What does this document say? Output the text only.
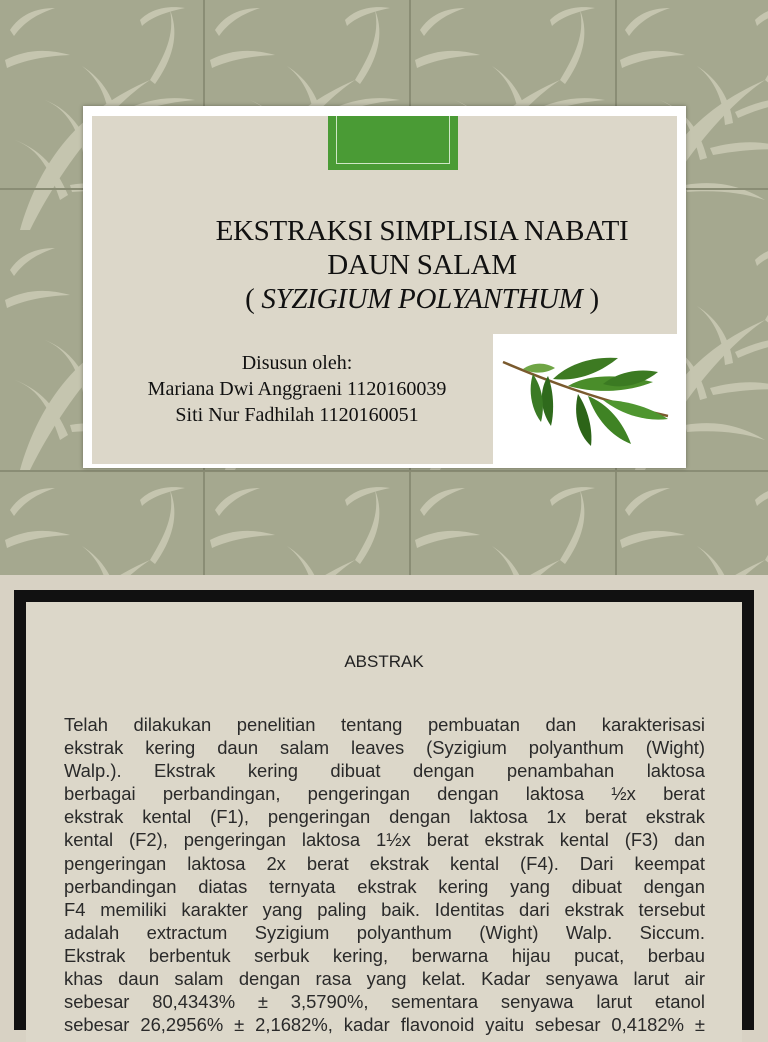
EKSTRAKSI SIMPLISIA NABATI
DAUN SALAM
( SYZIGIUM POLYANTHUM )
Disusun oleh:
Mariana Dwi Anggraeni 1120160039
Siti Nur Fadhilah 1120160051
ABSTRAK
Telah dilakukan penelitian tentang pembuatan dan karakterisasi
ekstrak kering daun salam leaves (Syzigium polyanthum (Wight)
Walp.). Ekstrak kering dibuat dengan penambahan laktosa
berbagai perbandingan, pengeringan dengan laktosa ½x berat
ekstrak kental (F1), pengeringan dengan laktosa 1x berat ekstrak
kental (F2), pengeringan laktosa 1½x berat ekstrak kental (F3) dan
pengeringan laktosa 2x berat ekstrak kental (F4). Dari keempat
perbandingan diatas ternyata ekstrak kering yang dibuat dengan
F4 memiliki karakter yang paling baik. Identitas dari ekstrak tersebut
adalah extractum Syzigium polyanthum (Wight) Walp. Siccum.
Ekstrak berbentuk serbuk kering, berwarna hijau pucat, berbau
khas daun salam dengan rasa yang kelat. Kadar senyawa larut air
sebesar 80,4343% ± 3,5790%, sementara senyawa larut etanol
sebesar 26,2956% ± 2,1682%, kadar flavonoid yaitu sebesar 0,4182% ±
